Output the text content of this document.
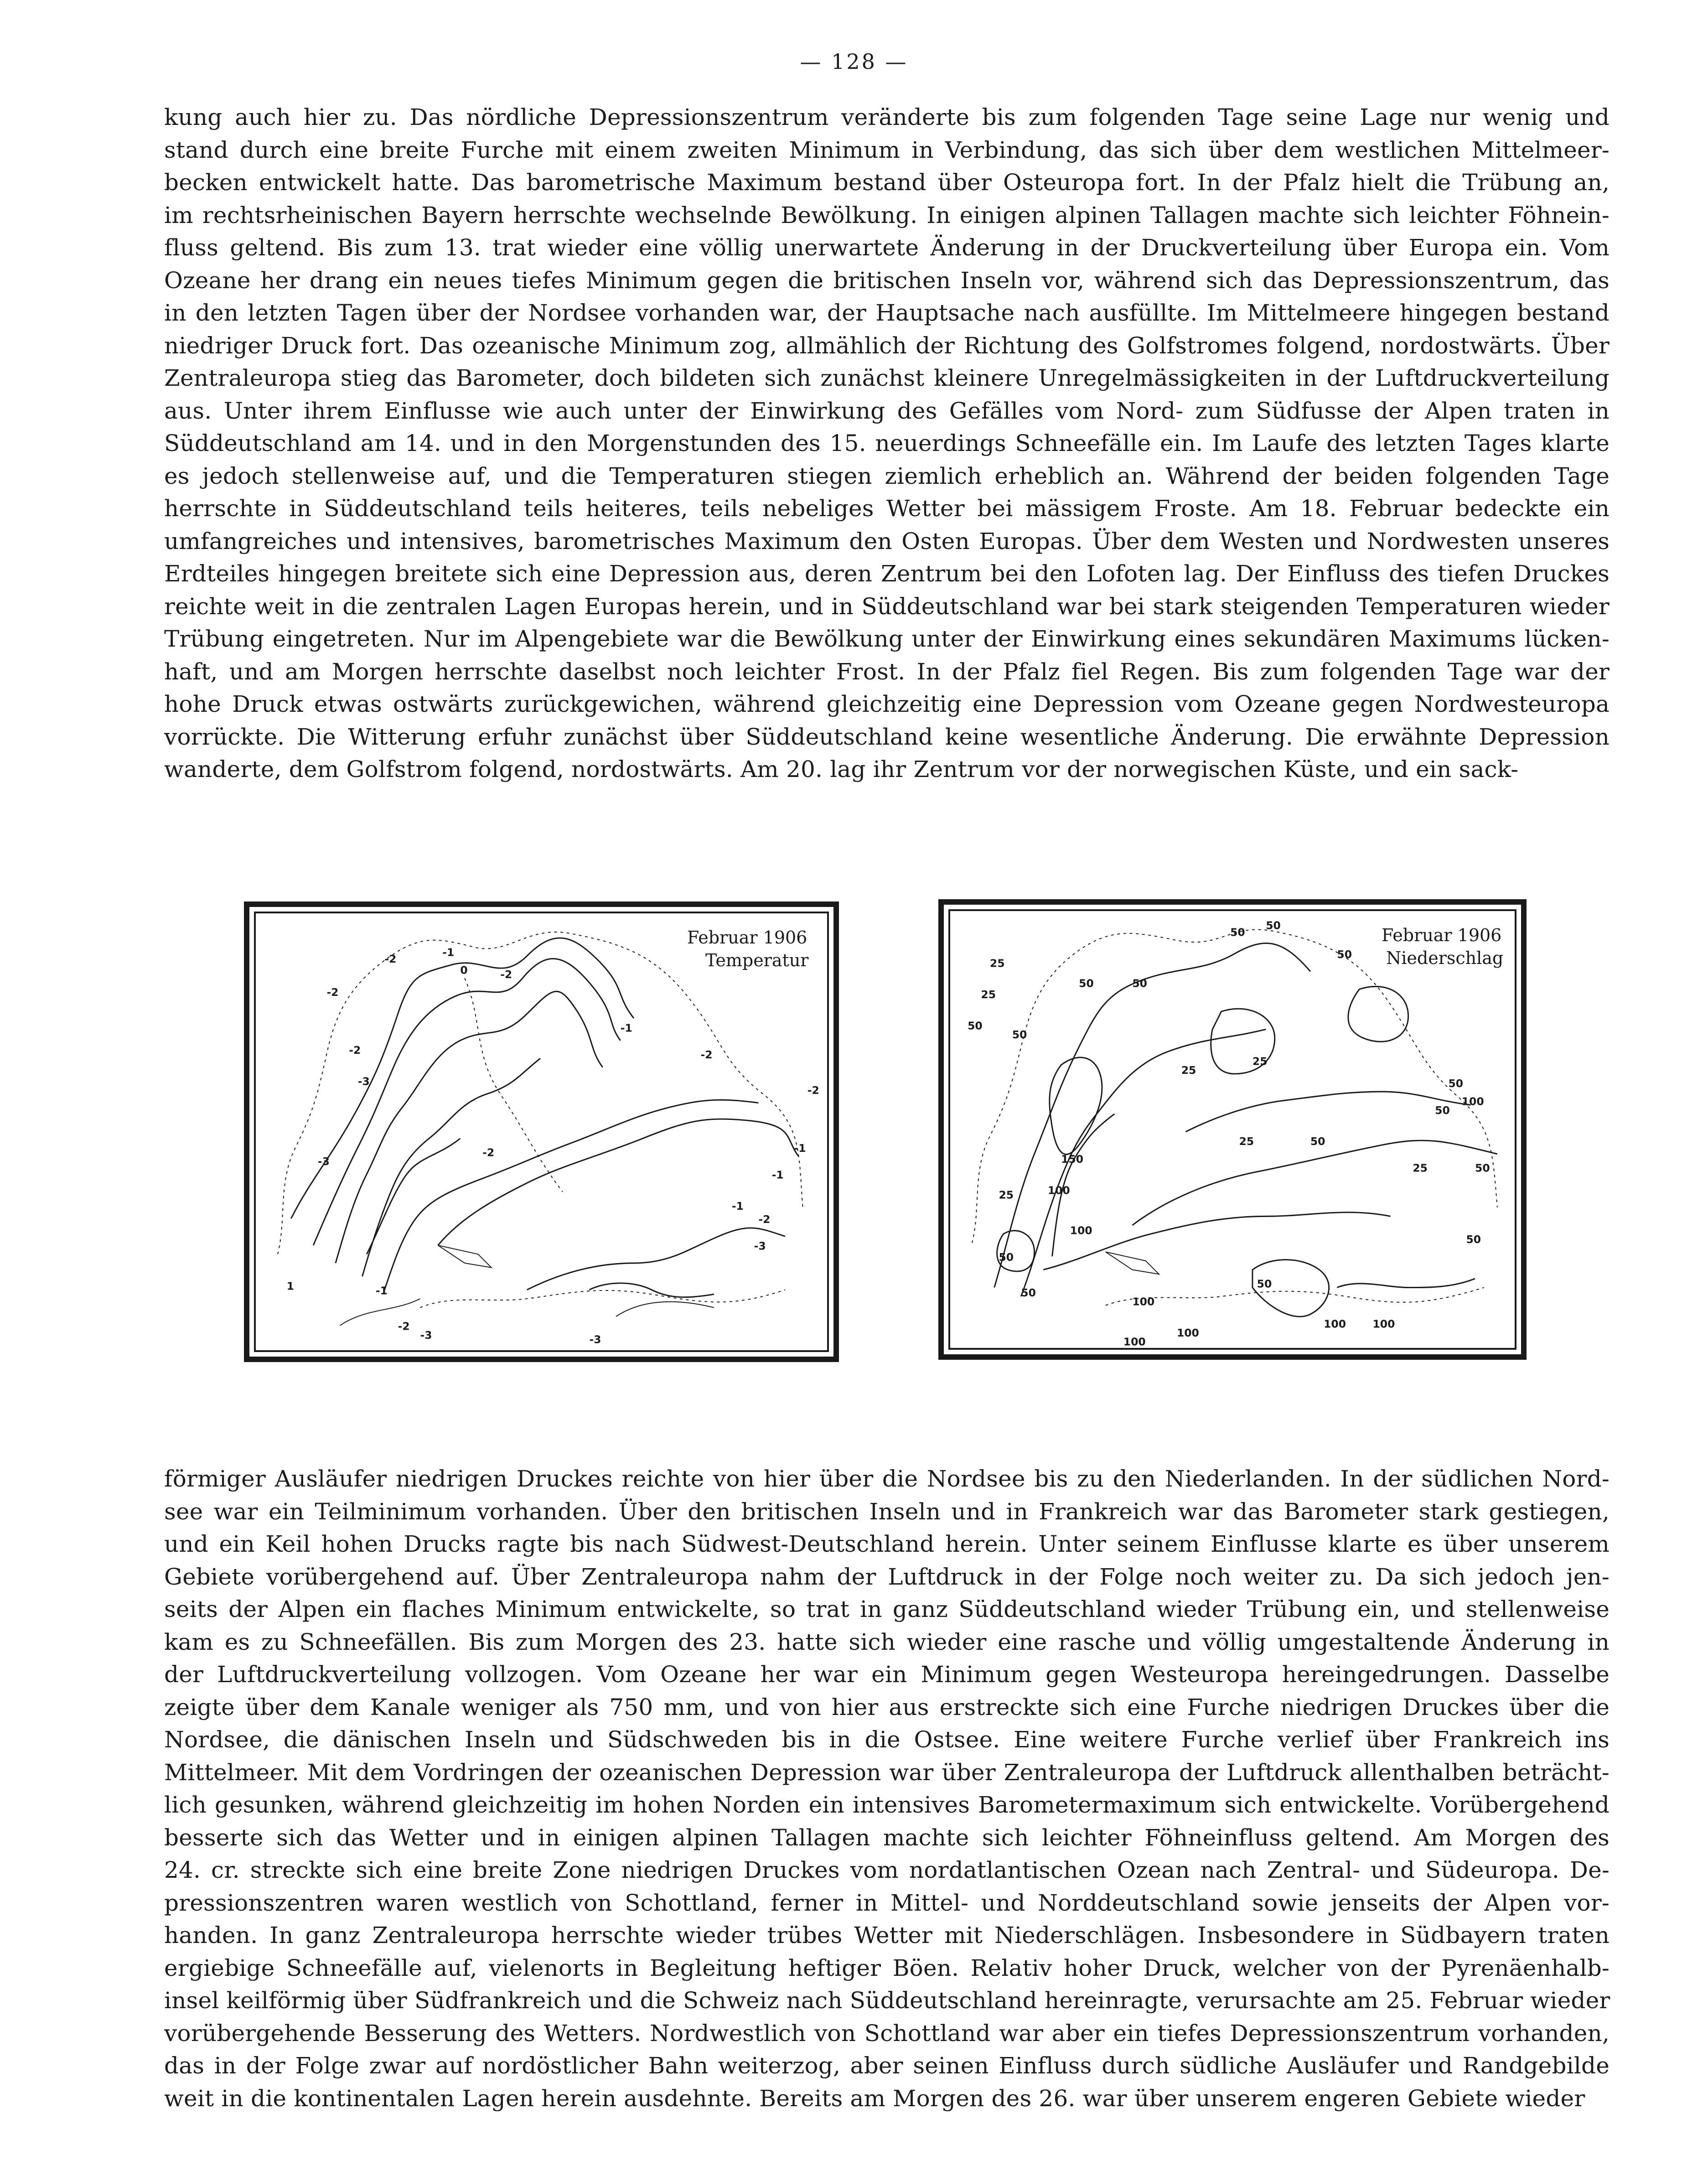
— 128 —
kung auch hier zu. Das nördliche Depressionszentrum veränderte bis zum folgenden Tage seine Lage nur wenig und
stand durch eine breite Furche mit einem zweiten Minimum in Verbindung, das sich über dem westlichen Mittelmeer-
becken entwickelt hatte. Das barometrische Maximum bestand über Osteuropa fort. In der Pfalz hielt die Trübung an,
im rechtsrheinischen Bayern herrschte wechselnde Bewölkung. In einigen alpinen Tallagen machte sich leichter Föhnein-
fluss geltend. Bis zum 13. trat wieder eine völlig unerwartete Änderung in der Druckverteilung über Europa ein. Vom
Ozeane her drang ein neues tiefes Minimum gegen die britischen Inseln vor, während sich das Depressionszentrum, das
in den letzten Tagen über der Nordsee vorhanden war, der Hauptsache nach ausfüllte. Im Mittelmeere hingegen bestand
niedriger Druck fort. Das ozeanische Minimum zog, allmählich der Richtung des Golfstromes folgend, nordostwärts. Über
Zentraleuropa stieg das Barometer, doch bildeten sich zunächst kleinere Unregelmässigkeiten in der Luftdruckverteilung
aus. Unter ihrem Einflusse wie auch unter der Einwirkung des Gefälles vom Nord- zum Südfusse der Alpen traten in
Süddeutschland am 14. und in den Morgenstunden des 15. neuerdings Schneefälle ein. Im Laufe des letzten Tages klarte
es jedoch stellenweise auf, und die Temperaturen stiegen ziemlich erheblich an. Während der beiden folgenden Tage
herrschte in Süddeutschland teils heiteres, teils nebeliges Wetter bei mässigem Froste. Am 18. Februar bedeckte ein
umfangreiches und intensives, barometrisches Maximum den Osten Europas. Über dem Westen und Nordwesten unseres
Erdteiles hingegen breitete sich eine Depression aus, deren Zentrum bei den Lofoten lag. Der Einfluss des tiefen Druckes
reichte weit in die zentralen Lagen Europas herein, und in Süddeutschland war bei stark steigenden Temperaturen wieder
Trübung eingetreten. Nur im Alpengebiete war die Bewölkung unter der Einwirkung eines sekundären Maximums lücken-
haft, und am Morgen herrschte daselbst noch leichter Frost. In der Pfalz fiel Regen. Bis zum folgenden Tage war der
hohe Druck etwas ostwärts zurückgewichen, während gleichzeitig eine Depression vom Ozeane gegen Nordwesteuropa
vorrückte. Die Witterung erfuhr zunächst über Süddeutschland keine wesentliche Änderung. Die erwähnte Depression
wanderte, dem Golfstrom folgend, nordostwärts. Am 20. lag ihr Zentrum vor der norwegischen Küste, und ein sack-
-2
-1
0	-2
-2
-2
-1
-2
-2
-3
-2
-3
-1
-1
-2
-3
-1
-2
-3	-3
1
-1
Februar 1906
Temperatur
50
50
50
25
25
50
50	50
25
50
50
25
50
50
100
25
25	50
150
100
100
25
50
100
50
100
100
50
100 100
50
Februar 1906
Niederschlag
förmiger Ausläufer niedrigen Druckes reichte von hier über die Nordsee bis zu den Niederlanden. In der südlichen Nord-
see war ein Teilminimum vorhanden. Über den britischen Inseln und in Frankreich war das Barometer stark gestiegen,
und ein Keil hohen Drucks ragte bis nach Südwest-Deutschland herein. Unter seinem Einflusse klarte es über unserem
Gebiete vorübergehend auf. Über Zentraleuropa nahm der Luftdruck in der Folge noch weiter zu. Da sich jedoch jen-
seits der Alpen ein flaches Minimum entwickelte, so trat in ganz Süddeutschland wieder Trübung ein, und stellenweise
kam es zu Schneefällen. Bis zum Morgen des 23. hatte sich wieder eine rasche und völlig umgestaltende Änderung in
der Luftdruckverteilung vollzogen. Vom Ozeane her war ein Minimum gegen Westeuropa hereingedrungen. Dasselbe
zeigte über dem Kanale weniger als 750 mm, und von hier aus erstreckte sich eine Furche niedrigen Druckes über die
Nordsee, die dänischen Inseln und Südschweden bis in die Ostsee. Eine weitere Furche verlief über Frankreich ins
Mittelmeer. Mit dem Vordringen der ozeanischen Depression war über Zentraleuropa der Luftdruck allenthalben beträcht-
lich gesunken, während gleichzeitig im hohen Norden ein intensives Barometermaximum sich entwickelte. Vorübergehend
besserte sich das Wetter und in einigen alpinen Tallagen machte sich leichter Föhneinfluss geltend. Am Morgen des
24. cr. streckte sich eine breite Zone niedrigen Druckes vom nordatlantischen Ozean nach Zentral- und Südeuropa. De-
pressionszentren waren westlich von Schottland, ferner in Mittel- und Norddeutschland sowie jenseits der Alpen vor-
handen. In ganz Zentraleuropa herrschte wieder trübes Wetter mit Niederschlägen. Insbesondere in Südbayern traten
ergiebige Schneefälle auf, vielenorts in Begleitung heftiger Böen. Relativ hoher Druck, welcher von der Pyrenäenhalb-
insel keilförmig über Südfrankreich und die Schweiz nach Süddeutschland hereinragte, verursachte am 25. Februar wieder
vorübergehende Besserung des Wetters. Nordwestlich von Schottland war aber ein tiefes Depressionszentrum vorhanden,
das in der Folge zwar auf nordöstlicher Bahn weiterzog, aber seinen Einfluss durch südliche Ausläufer und Randgebilde
weit in die kontinentalen Lagen herein ausdehnte. Bereits am Morgen des 26. war über unserem engeren Gebiete wieder
